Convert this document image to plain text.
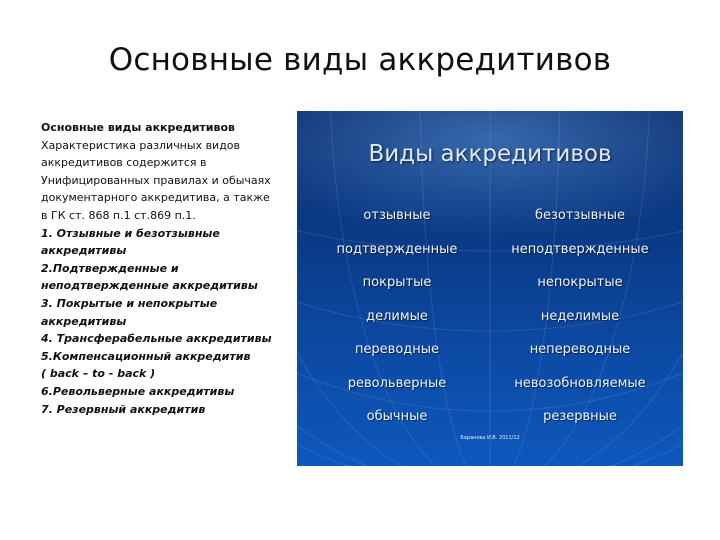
Основные виды аккредитивов

Основные виды аккредитивов

Характеристика различных видов
аккредитивов содержится в
Унифицированных правилах и обычаях
документарного аккредитива, а также
в ГК ст. 868 п.1 ст.869 п.1.

1. Отзывные и безотзывные
аккредитивы

2.Подтвержденные и
неподтвержденные аккредитивы

3. Покрытые и непокрытые
аккредитивы

4. Трансферабельные аккредитивы

5.Компенсационный аккредитив
( back – to - back )

6.Револьверные аккредитивы

7. Резервный аккредитив

Виды аккредитивов
отзывные	безотзывные
подтвержденные	неподтвержденные
покрытые	непокрытые
делимые	неделимые
переводные	непереводные
револьверные	невозобновляемые
обычные	резервные
Баранова И.В. 2011/12
